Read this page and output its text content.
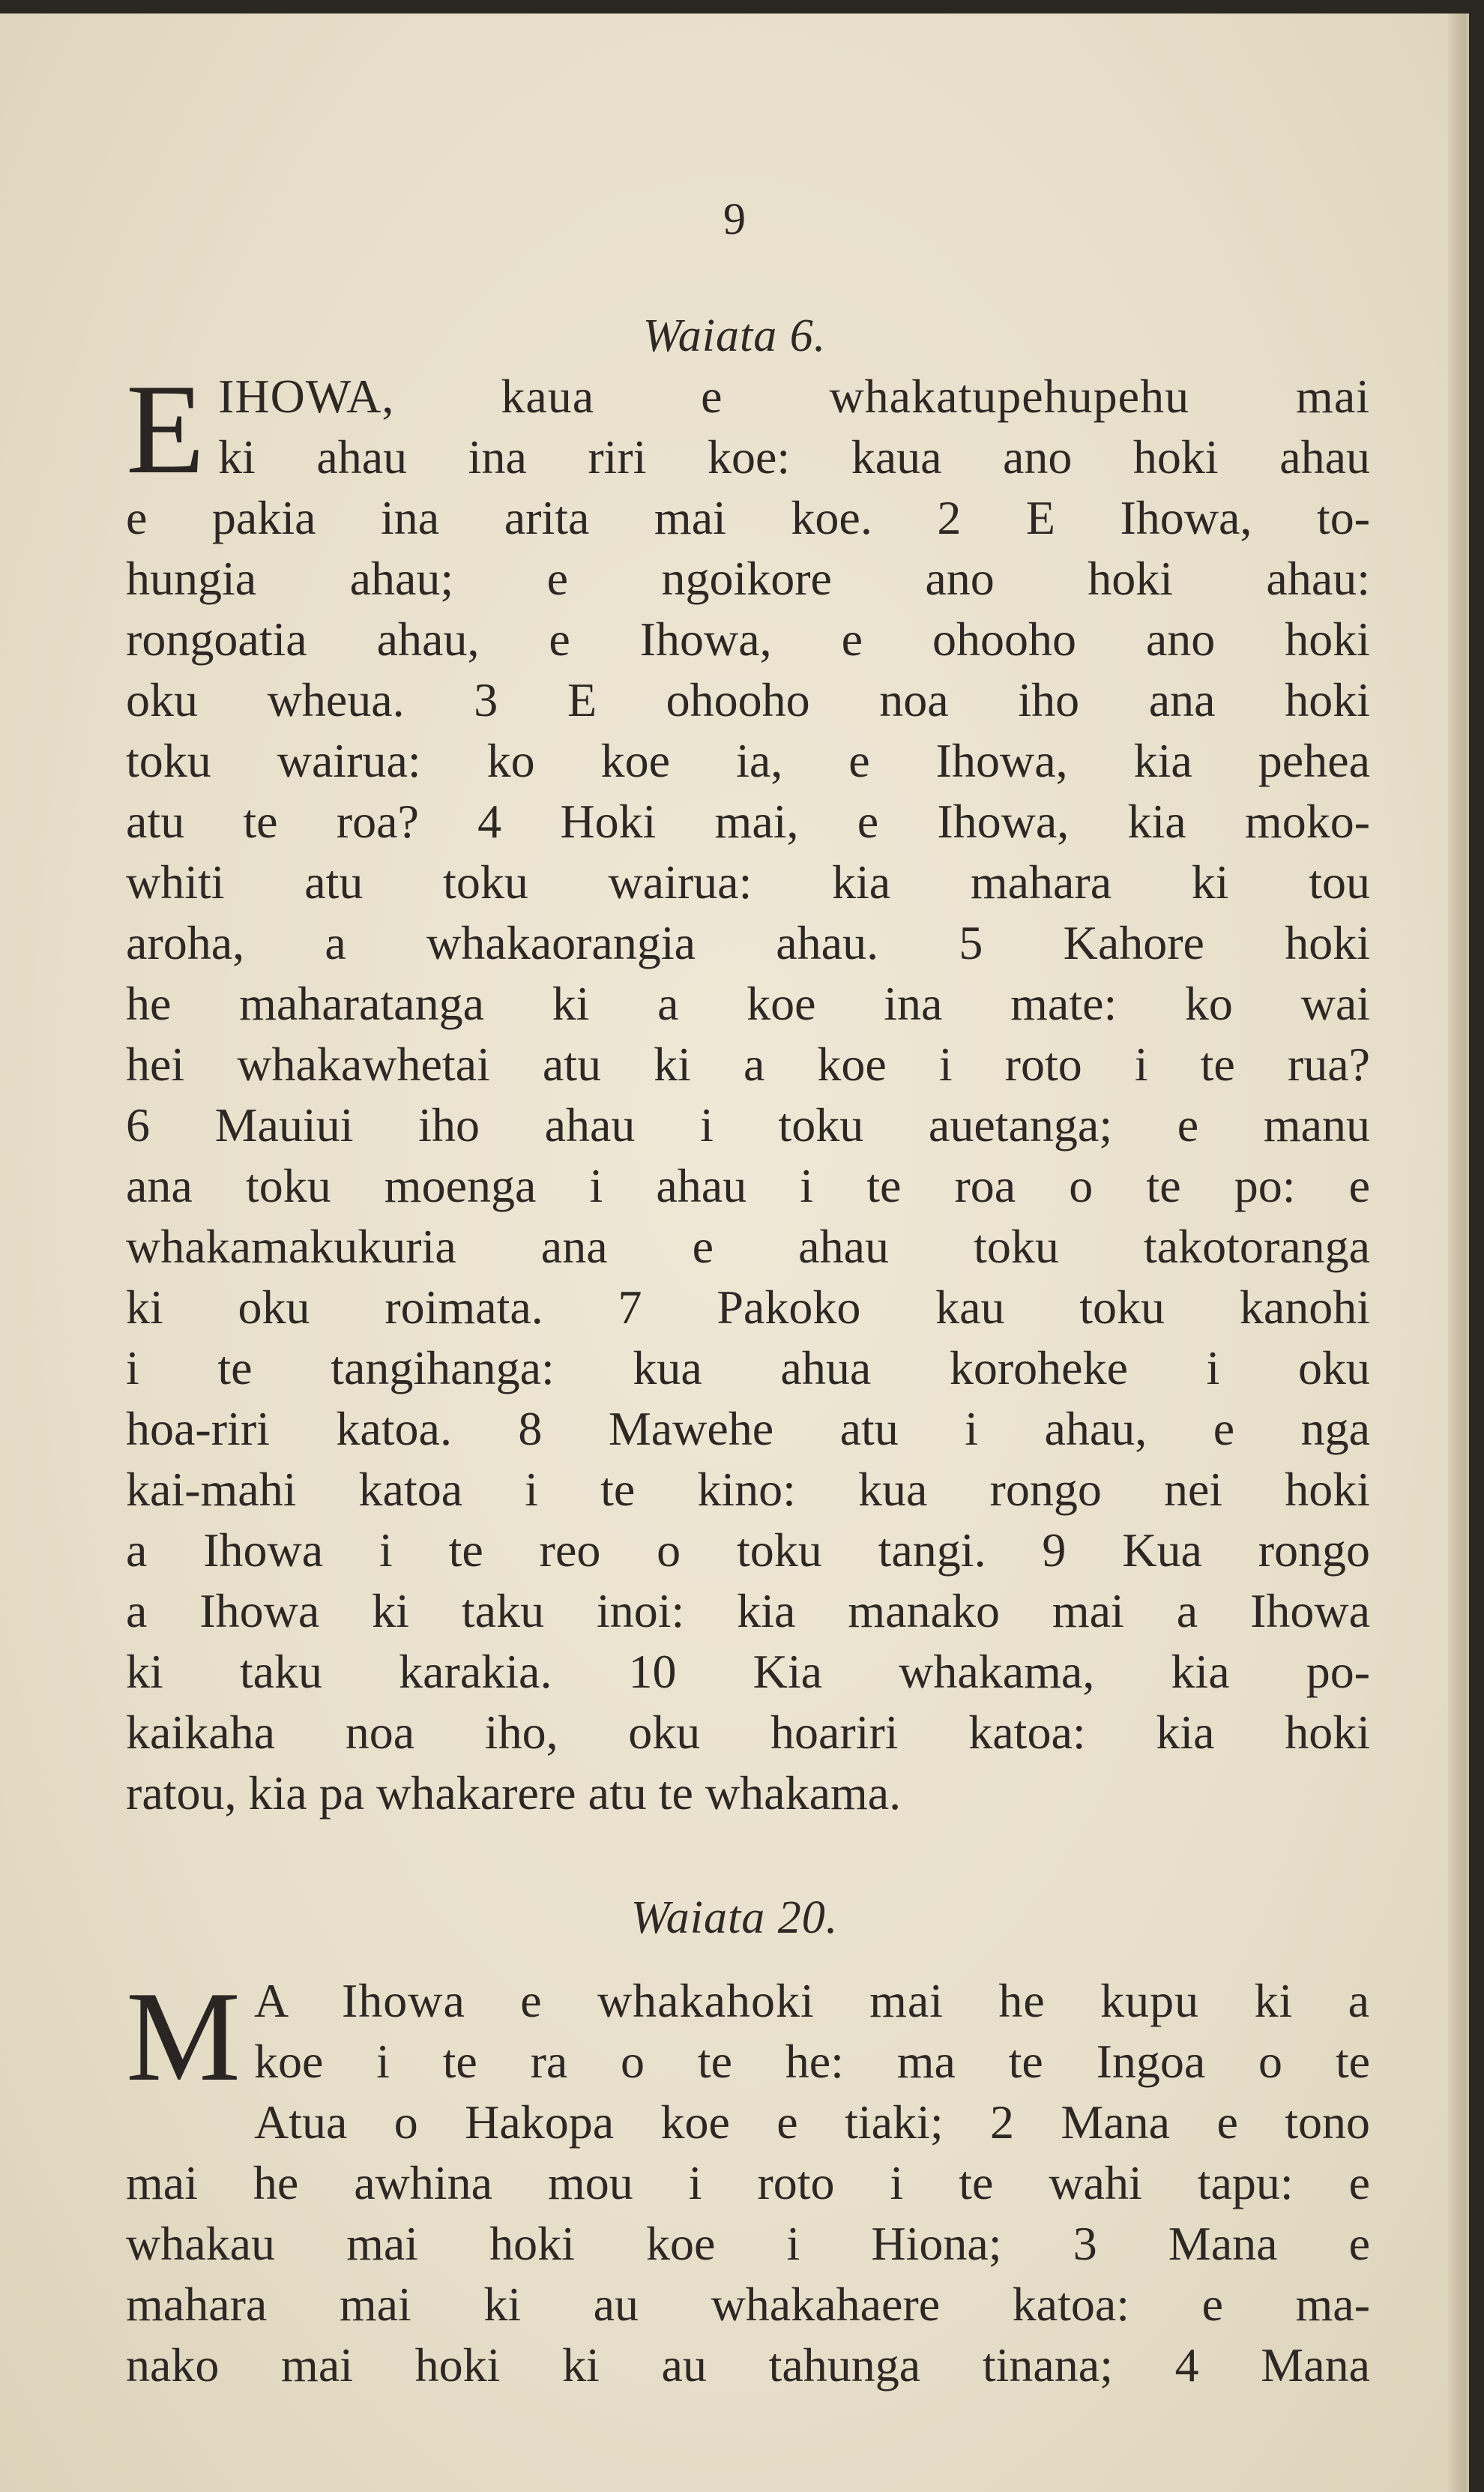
9
Waiata 6.
E IHOWA, kaua e whakatupehupehu mai
ki ahau ina riri koe: kaua ano hoki ahau
e pakia ina arita mai koe. 2 E Ihowa, to-
hungia ahau; e ngoikore ano hoki ahau:
rongoatia ahau, e Ihowa, e ohooho ano hoki
oku wheua. 3 E ohooho noa iho ana hoki
toku wairua: ko koe ia, e Ihowa, kia pehea
atu te roa? 4 Hoki mai, e Ihowa, kia moko-
whiti atu toku wairua: kia mahara ki tou
aroha, a whakaorangia ahau. 5 Kahore hoki
he maharatanga ki a koe ina mate: ko wai
hei whakawhetai atu ki a koe i roto i te rua?
6 Mauiui iho ahau i toku auetanga; e manu
ana toku moenga i ahau i te roa o te po: e
whakamakukuria ana e ahau toku takotoranga
ki oku roimata. 7 Pakoko kau toku kanohi
i te tangihanga: kua ahua koroheke i oku
hoa-riri katoa. 8 Mawehe atu i ahau, e nga
kai-mahi katoa i te kino: kua rongo nei hoki
a Ihowa i te reo o toku tangi. 9 Kua rongo
a Ihowa ki taku inoi: kia manako mai a Ihowa
ki taku karakia. 10 Kia whakama, kia po-
kaikaha noa iho, oku hoariri katoa: kia hoki
ratou, kia pa whakarere atu te whakama.
Waiata 20.
M A Ihowa e whakahoki mai he kupu ki a
koe i te ra o te he: ma te Ingoa o te
Atua o Hakopa koe e tiaki; 2 Mana e tono
mai he awhina mou i roto i te wahi tapu: e
whakau mai hoki koe i Hiona; 3 Mana e
mahara mai ki au whakahaere katoa: e ma-
nako mai hoki ki au tahunga tinana; 4 Mana
